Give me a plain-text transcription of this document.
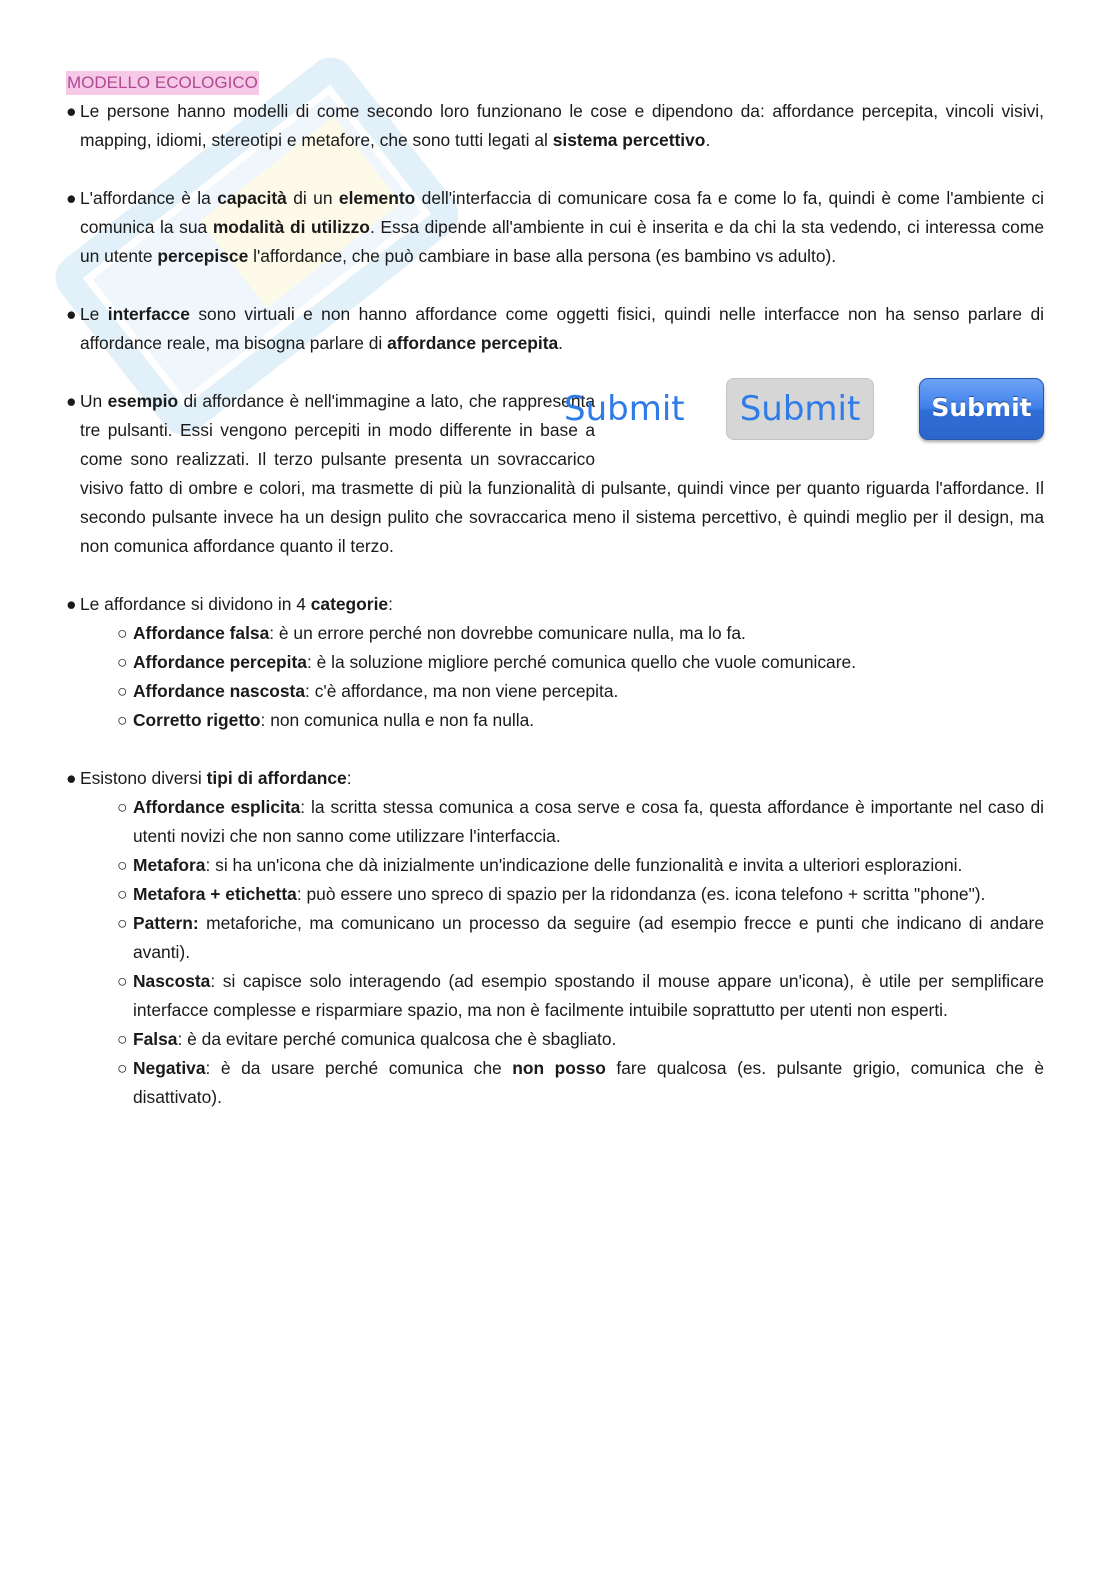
MODELLO ECOLOGICO

● Le persone hanno modelli di come secondo loro funzionano le cose e dipendono da: affordance percepita, vincoli visivi, mapping, idiomi, stereotipi e metafore, che sono tutti legati al sistema percettivo.

● L'affordance è la capacità di un elemento dell'interfaccia di comunicare cosa fa e come lo fa, quindi è come l'ambiente ci comunica la sua modalità di utilizzo. Essa dipende all'ambiente in cui è inserita e da chi la sta vedendo, ci interessa come un utente percepisce l'affordance, che può cambiare in base alla persona (es bambino vs adulto).

● Le interfacce sono virtuali e non hanno affordance come oggetti fisici, quindi nelle interfacce non ha senso parlare di affordance reale, ma bisogna parlare di affordance percepita.

●	Submit	Submit	Submit
Un esempio di affordance è nell'immagine a lato, che rappresenta tre pulsanti. Essi vengono percepiti in modo differente in base a come sono realizzati. Il terzo pulsante presenta un sovraccarico visivo fatto di ombre e colori, ma trasmette di più la funzionalità di pulsante, quindi vince per quanto riguarda l'affordance. Il secondo pulsante invece ha un design pulito che sovraccarica meno il sistema percettivo, è quindi meglio per il design, ma non comunica affordance quanto il terzo.
● Le affordance si dividono in 4 categorie:
○ Affordance falsa: è un errore perché non dovrebbe comunicare nulla, ma lo fa.
○ Affordance percepita: è la soluzione migliore perché comunica quello che vuole comunicare.
○ Affordance nascosta: c'è affordance, ma non viene percepita.
○ Corretto rigetto: non comunica nulla e non fa nulla.
● Esistono diversi tipi di affordance:
○ Affordance esplicita: la scritta stessa comunica a cosa serve e cosa fa, questa affordance è importante nel caso di utenti novizi che non sanno come utilizzare l'interfaccia.
○ Metafora: si ha un'icona che dà inizialmente un'indicazione delle funzionalità e invita a ulteriori esplorazioni.
○ Metafora + etichetta: può essere uno spreco di spazio per la ridondanza (es. icona telefono + scritta "phone").
○ Pattern: metaforiche, ma comunicano un processo da seguire (ad esempio frecce e punti che indicano di andare avanti).
○ Nascosta: si capisce solo interagendo (ad esempio spostando il mouse appare un'icona), è utile per semplificare interfacce complesse e risparmiare spazio, ma non è facilmente intuibile soprattutto per utenti non esperti.
○ Falsa: è da evitare perché comunica qualcosa che è sbagliato.
○ Negativa: è da usare perché comunica che non posso fare qualcosa (es. pulsante grigio, comunica che è disattivato).
